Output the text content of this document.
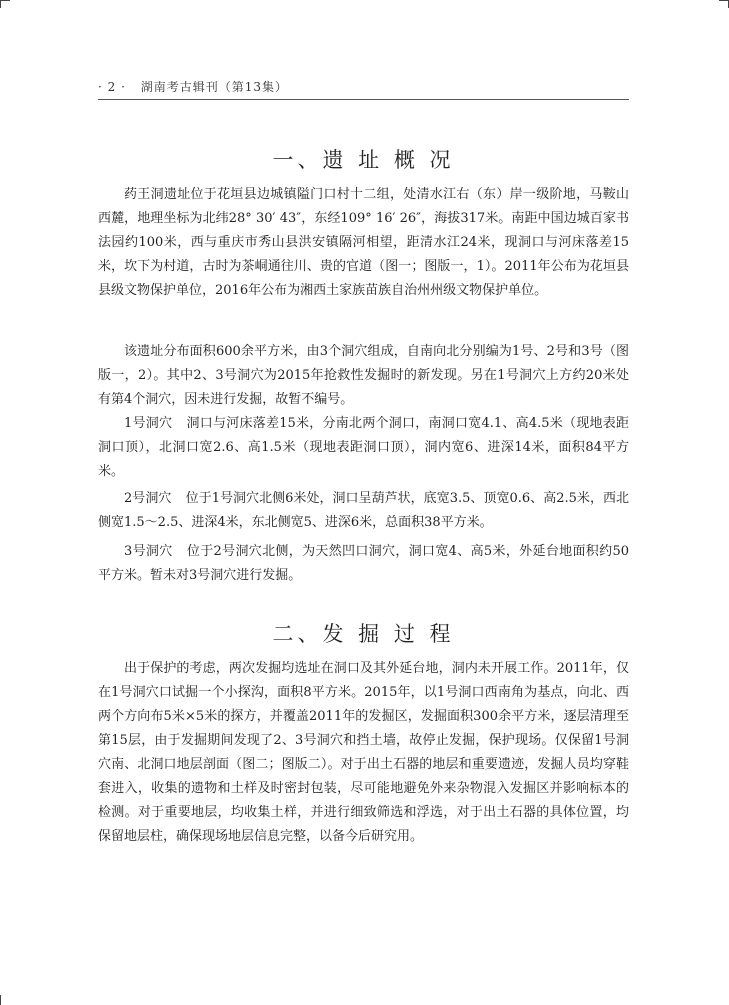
· 2 · 湖南考古辑刊（第13集）
一、遗 址 概 况

药王洞遗址位于花垣县边城镇隘门口村十二组，处清水江右（东）岸一级阶地，马鞍山西麓，地理坐标为北纬28° 30′ 43″，东经109° 16′ 26″，海拔317米。南距中国边城百家书法园约100米，西与重庆市秀山县洪安镇隔河相望，距清水江24米，现洞口与河床落差15米，坎下为村道，古时为茶峒通往川、贵的官道（图一；图版一，1）。2011年公布为花垣县县级文物保护单位，2016年公布为湘西土家族苗族自治州州级文物保护单位。

该遗址分布面积600余平方米，由3个洞穴组成，自南向北分别编为1号、2号和3号（图版一，2）。其中2、3号洞穴为2015年抢救性发掘时的新发现。另在1号洞穴上方约20米处有第4个洞穴，因未进行发掘，故暂不编号。

1号洞穴 洞口与河床落差15米，分南北两个洞口，南洞口宽4.1、高4.5米（现地表距洞口顶），北洞口宽2.6、高1.5米（现地表距洞口顶），洞内宽6、进深14米，面积84平方米。

2号洞穴 位于1号洞穴北侧6米处，洞口呈葫芦状，底宽3.5、顶宽0.6、高2.5米，西北侧宽1.5～2.5、进深4米，东北侧宽5、进深6米，总面积38平方米。

3号洞穴 位于2号洞穴北侧，为天然凹口洞穴，洞口宽4、高5米，外延台地面积约50平方米。暂未对3号洞穴进行发掘。

二、发 掘 过 程

出于保护的考虑，两次发掘均选址在洞口及其外延台地，洞内未开展工作。2011年，仅在1号洞穴口试掘一个小探沟，面积8平方米。2015年，以1号洞口西南角为基点，向北、西两个方向布5米×5米的探方，并覆盖2011年的发掘区，发掘面积300余平方米，逐层清理至第15层，由于发掘期间发现了2、3号洞穴和挡土墙，故停止发掘，保护现场。仅保留1号洞穴南、北洞口地层剖面（图二；图版二）。对于出土石器的地层和重要遗迹，发掘人员均穿鞋套进入，收集的遗物和土样及时密封包装，尽可能地避免外来杂物混入发掘区并影响标本的检测。对于重要地层，均收集土样，并进行细致筛选和浮选，对于出土石器的具体位置，均保留地层柱，确保现场地层信息完整，以备今后研究用。
